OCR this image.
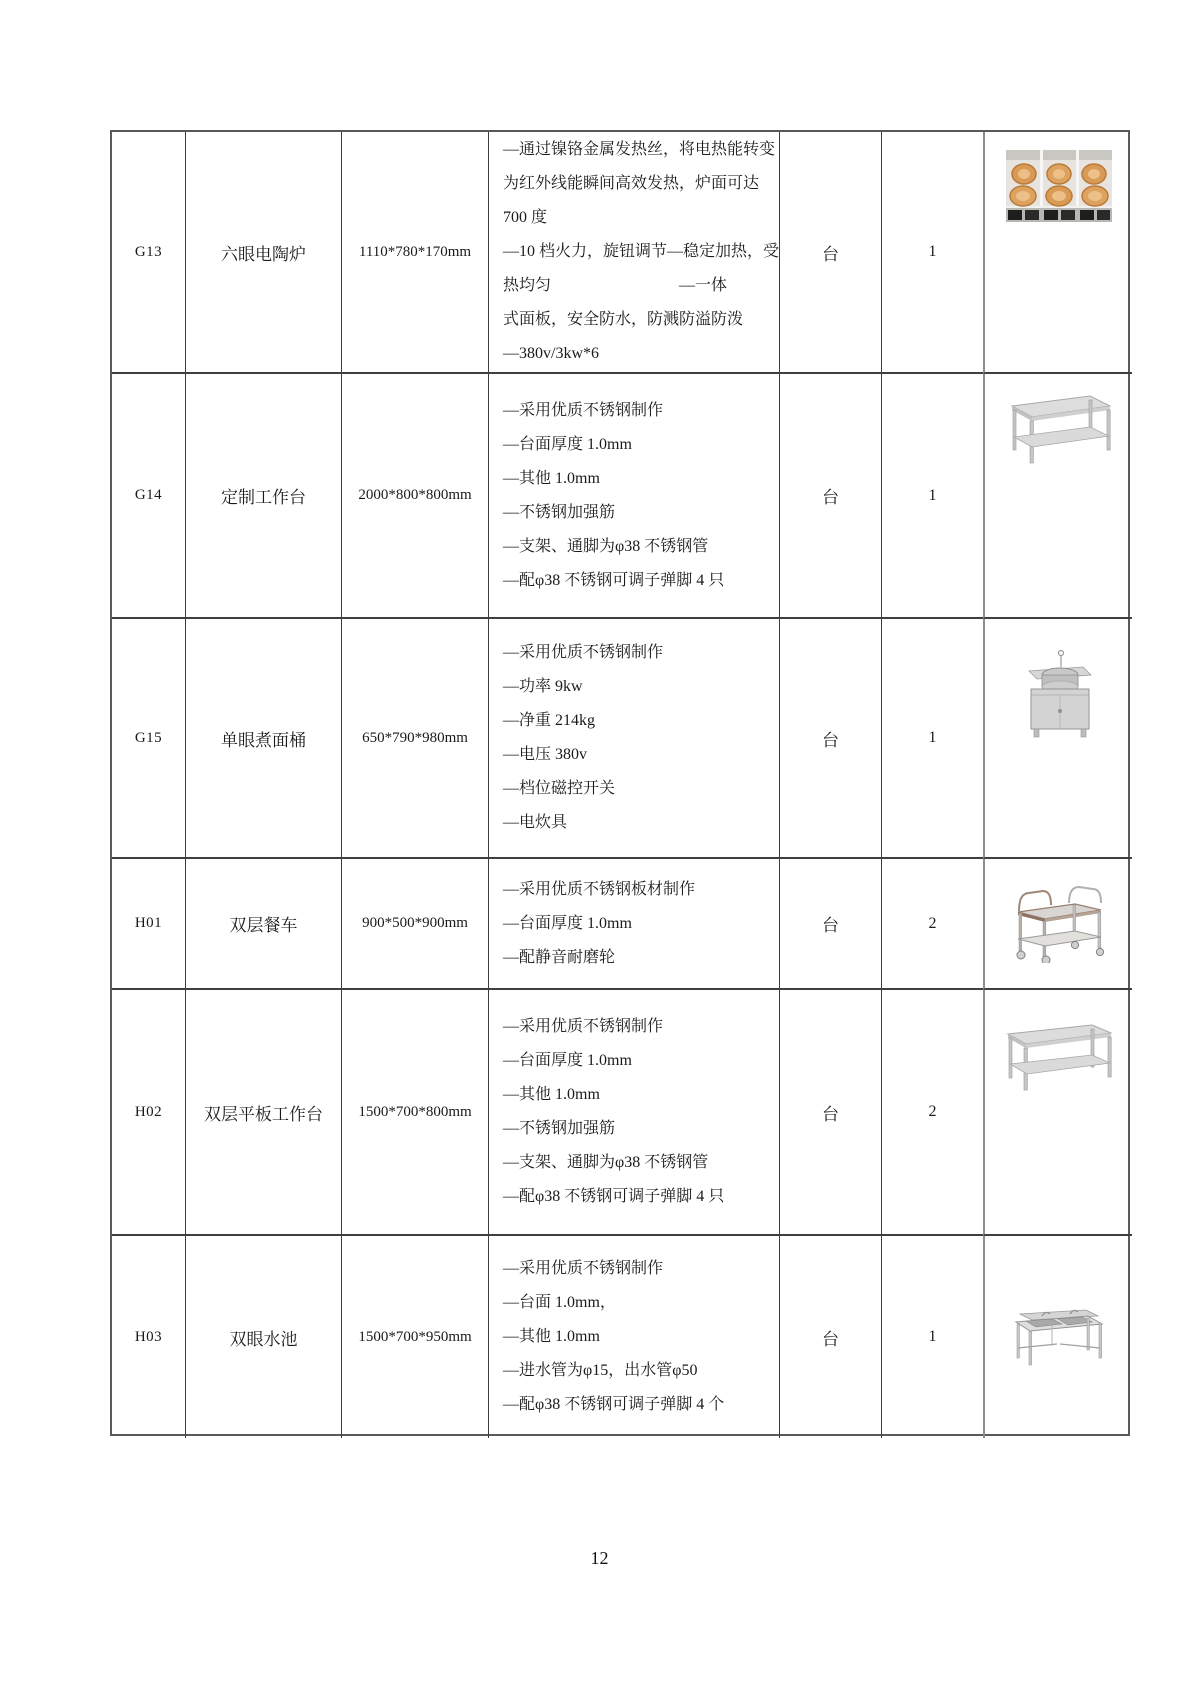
G13	六眼电陶炉	1110*780*170mm
—通过镍铬金属发热丝，将电热能转变
为红外线能瞬间高效发热，炉面可达
700 度
—10 档火力，旋钮调节—稳定加热，受
热均匀　　　　　　　　—一体
式面板，安全防水，防溅防溢防泼
—380v/3kw*6
台	1
G14	定制工作台	2000*800*800mm
—采用优质不锈钢制作
—台面厚度 1.0mm
—其他 1.0mm
—不锈钢加强筋
—支架、通脚为φ38 不锈钢管
—配φ38 不锈钢可调子弹脚 4 只
台	1
G15	单眼煮面桶	650*790*980mm
—采用优质不锈钢制作
—功率 9kw
—净重 214kg
—电压 380v
—档位磁控开关
—电炊具
台	1
H01	双层餐车	900*500*900mm
—采用优质不锈钢板材制作
—台面厚度 1.0mm
—配静音耐磨轮
台	2
H02	双层平板工作台	1500*700*800mm
—采用优质不锈钢制作
—台面厚度 1.0mm
—其他 1.0mm
—不锈钢加强筋
—支架、通脚为φ38 不锈钢管
—配φ38 不锈钢可调子弹脚 4 只
台	2
H03	双眼水池	1500*700*950mm
—采用优质不锈钢制作
—台面 1.0mm，
—其他 1.0mm
—进水管为φ15，出水管φ50
—配φ38 不锈钢可调子弹脚 4 个
台	1
12
